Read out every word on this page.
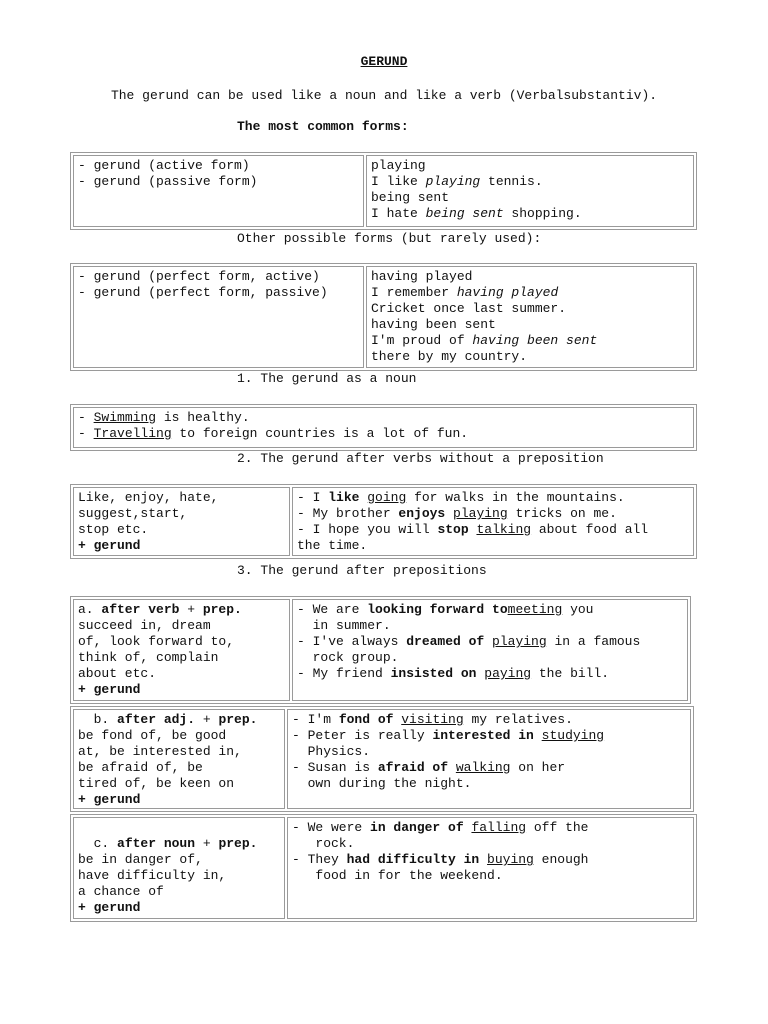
GERUND
The gerund can be used like a noun and like a verb (Verbalsubstantiv).
The most common forms:
- gerund (active form)
- gerund (passive form)
playing
I like playing tennis.
being sent
I hate being sent shopping.
Other possible forms (but rarely used):
- gerund (perfect form, active)
- gerund (perfect form, passive)
having played
I remember having played
Cricket once last summer.
having been sent
I'm proud of having been sent
there by my country.
1. The gerund as a noun
- Swimming is healthy.
- Travelling to foreign countries is a lot of fun.
2. The gerund after verbs without a preposition
Like, enjoy, hate,
suggest,start,
stop etc.
+ gerund
- I like going for walks in the mountains.
- My brother enjoys playing tricks on me.
- I hope you will stop talking about food all
the time.
3. The gerund after prepositions
a. after verb + prep.
succeed in, dream
of, look forward to,
think of, complain
about etc.
+ gerund
- We are looking forward tomeeting you
in summer.
- I've always dreamed of playing in a famous
rock group.
- My friend insisted on paying the bill.
b. after adj. + prep.
be fond of, be good
at, be interested in,
be afraid of, be
tired of, be keen on
+ gerund
- I'm fond of visiting my relatives.
- Peter is really interested in studying
Physics.
- Susan is afraid of walking on her
own during the night.

c. after noun + prep.
be in danger of,
have difficulty in,
a chance of
+ gerund
- We were in danger of falling off the
rock.
- They had difficulty in buying enough
food in for the weekend.
